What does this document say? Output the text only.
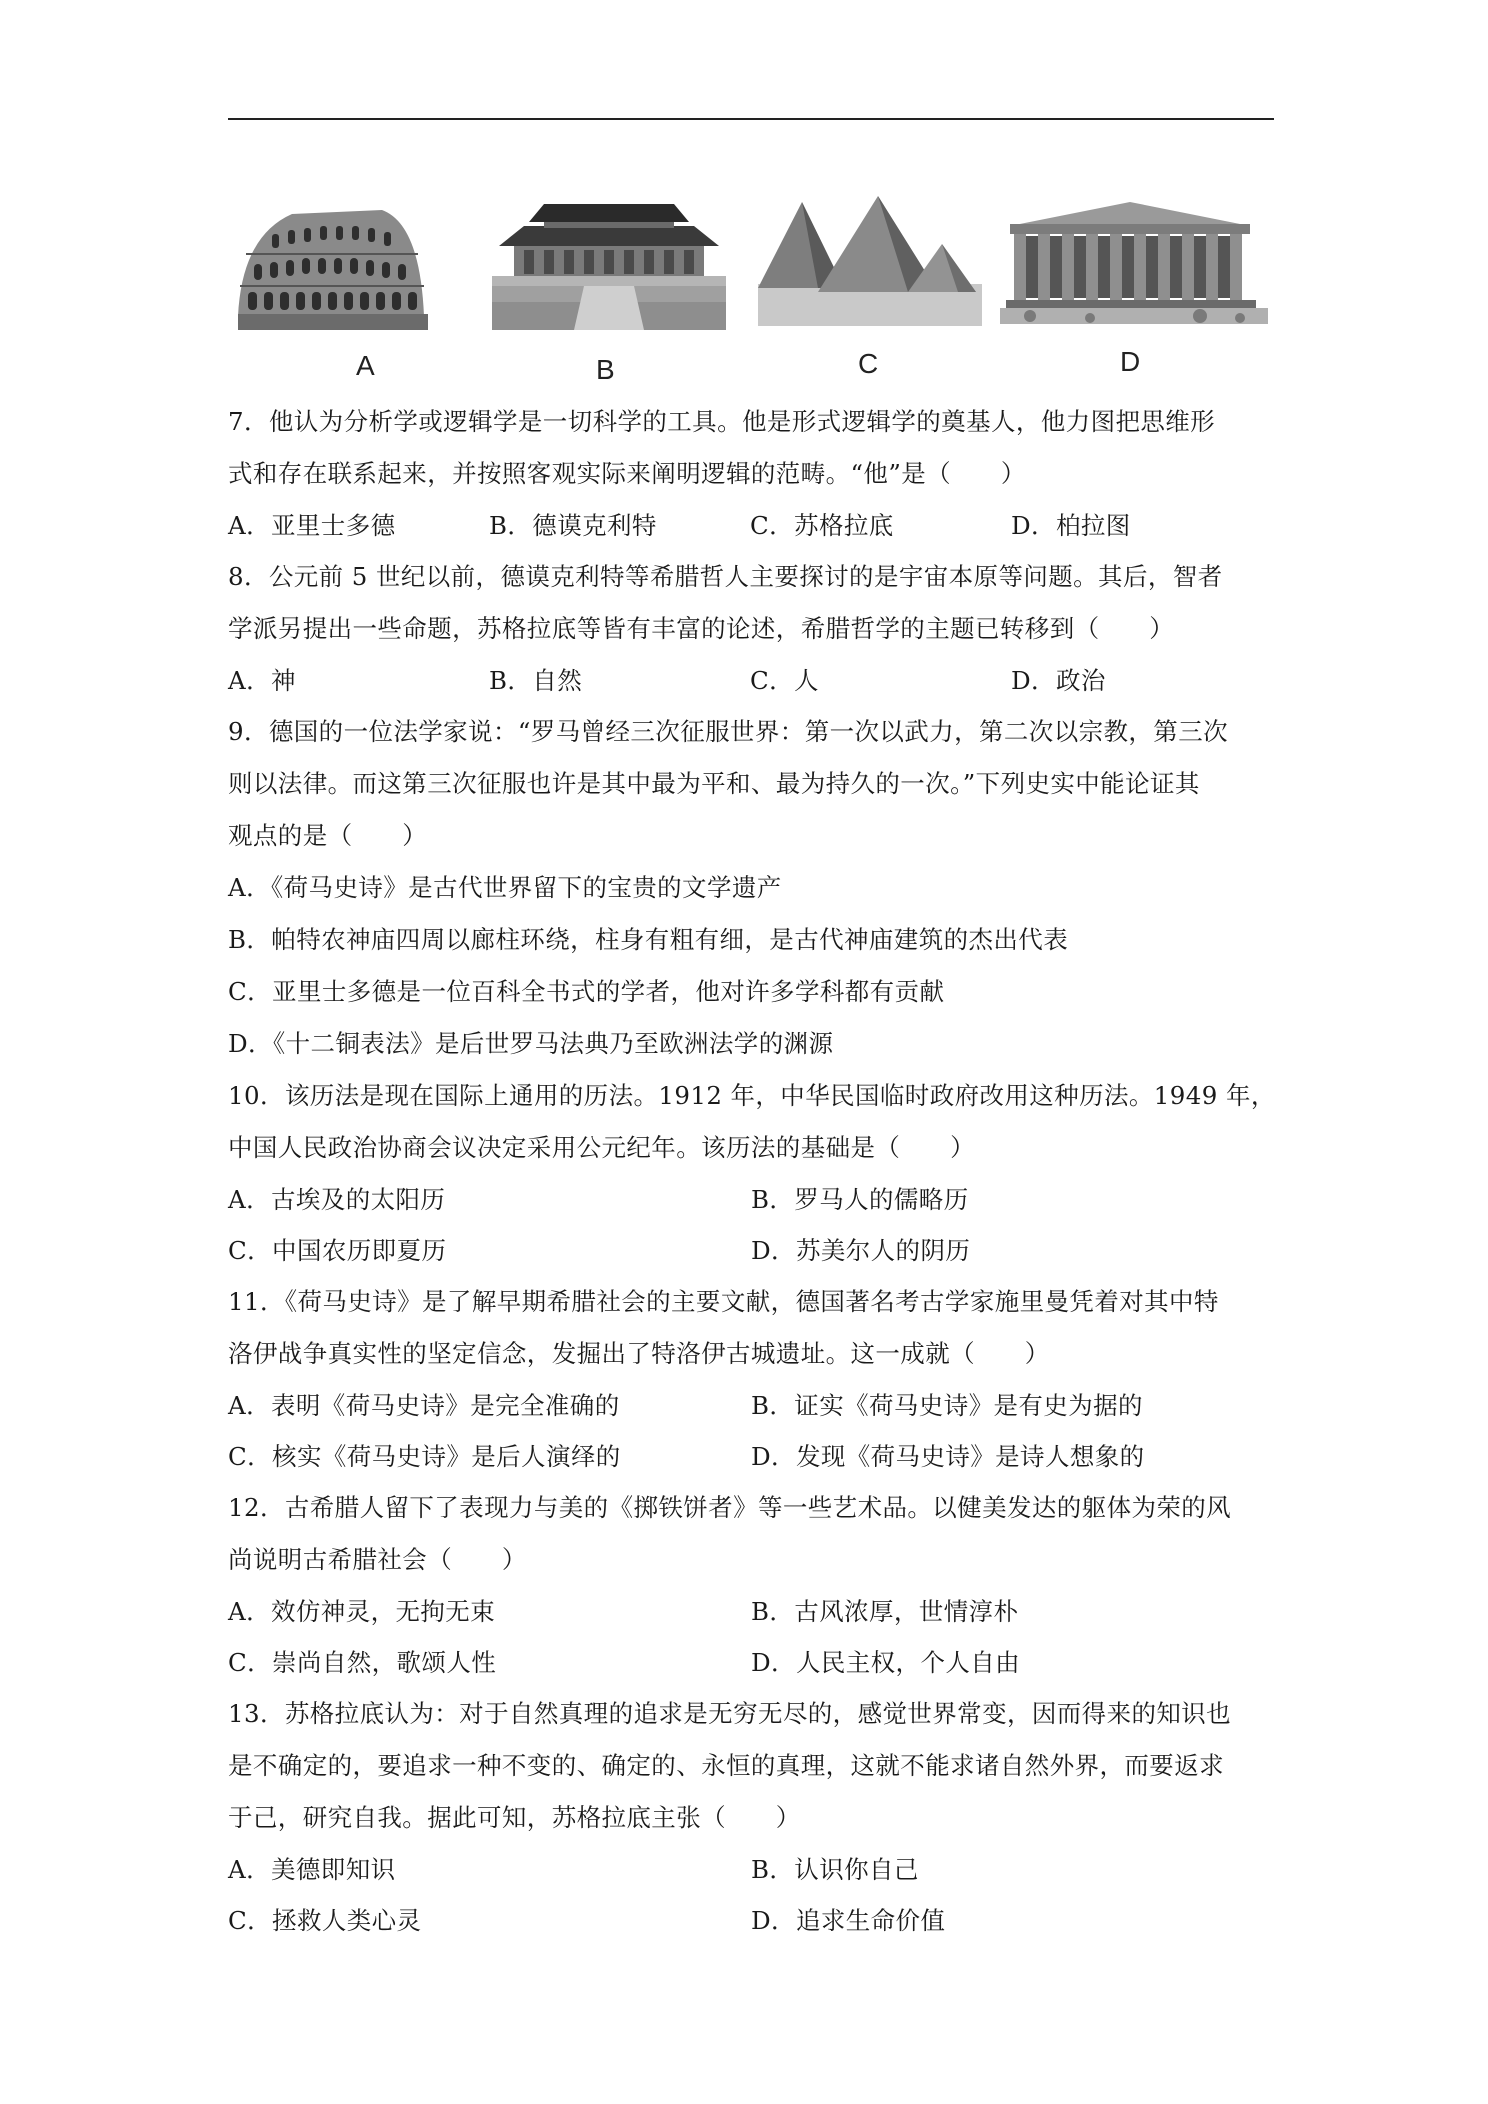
A	B	C	D
7．他认为分析学或逻辑学是一切科学的工具。他是形式逻辑学的奠基人，他力图把思维形
式和存在联系起来，并按照客观实际来阐明逻辑的范畴。“他”是（　　）
A．亚里士多德	B．德谟克利特	C．苏格拉底	D．柏拉图
8．公元前 5 世纪以前，德谟克利特等希腊哲人主要探讨的是宇宙本原等问题。其后，智者
学派另提出一些命题，苏格拉底等皆有丰富的论述，希腊哲学的主题已转移到（　　）
A．神	B．自然	C．人	D．政治
9．德国的一位法学家说：“罗马曾经三次征服世界：第一次以武力，第二次以宗教，第三次
则以法律。而这第三次征服也许是其中最为平和、最为持久的一次。”下列史实中能论证其
观点的是（　　）
A．《荷马史诗》是古代世界留下的宝贵的文学遗产
B．帕特农神庙四周以廊柱环绕，柱身有粗有细，是古代神庙建筑的杰出代表
C．亚里士多德是一位百科全书式的学者，他对许多学科都有贡献
D．《十二铜表法》是后世罗马法典乃至欧洲法学的渊源
10．该历法是现在国际上通用的历法。1912 年，中华民国临时政府改用这种历法。1949 年，
中国人民政治协商会议决定采用公元纪年。该历法的基础是（　　）
A．古埃及的太阳历	B．罗马人的儒略历
C．中国农历即夏历	D．苏美尔人的阴历
11．《荷马史诗》是了解早期希腊社会的主要文献，德国著名考古学家施里曼凭着对其中特
洛伊战争真实性的坚定信念，发掘出了特洛伊古城遗址。这一成就（　　）
A．表明《荷马史诗》是完全准确的	B．证实《荷马史诗》是有史为据的
C．核实《荷马史诗》是后人演绎的	D．发现《荷马史诗》是诗人想象的
12．古希腊人留下了表现力与美的《掷铁饼者》等一些艺术品。以健美发达的躯体为荣的风
尚说明古希腊社会（　　）
A．效仿神灵，无拘无束	B．古风浓厚，世情淳朴
C．崇尚自然，歌颂人性	D．人民主权，个人自由
13．苏格拉底认为：对于自然真理的追求是无穷无尽的，感觉世界常变，因而得来的知识也
是不确定的，要追求一种不变的、确定的、永恒的真理，这就不能求诸自然外界，而要返求
于己，研究自我。据此可知，苏格拉底主张（　　）
A．美德即知识	B．认识你自己
C．拯救人类心灵	D．追求生命价值
